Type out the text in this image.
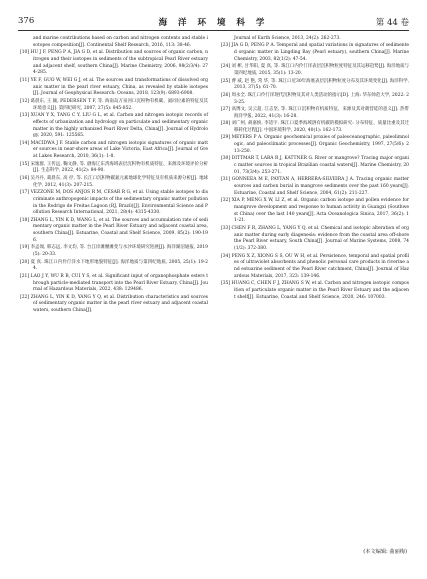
376	海 洋 环 境 科 学	第 44 卷

and marine contributions based on carbon and nitrogen contents and stable isotopes composition[J]. Continental Shelf Research, 2016, 113: 38-46.

[10] HU J F, PENG P A, JIA G D, et al. Distribution and sources of organic carbon, nitrogen and their isotopes in sediments of the subtropical Pearl River estuary and adjacent shelf, southern China[J]. Marine Chemistry, 2006, 98(2/3/4): 274-285.

[11] YE F, GUO W, WEI G J, et al. The sources and transformations of dissolved organic matter in the pearl river estuary, China, as revealed by stable isotopes[J]. Journal of Geophysical Research: Oceans, 2018, 123(9): 6893-6908.

[12] 葛晨东, 王 颖, PEDERSEN T F, 等. 海南岛万泉河口沉积物有机碳、氮同位素的特征及其环境意义[J]. 第四纪研究, 2007, 27(5): 845-852.

[13] XUAN Y X, TANG C Y, LIU G L, et al. Carbon and nitrogen isotopic records of effects of urbanization and hydrology on particulate and sedimentary organic matter in the highly urbanized Pearl River Delta, China[J]. Journal of Hydrology, 2020, 591: 125565.

[14] MACIDWA J F. Stable carbon and nitrogen isotopic signatures of organic matter sources in near-shore areas of Lake Victoria, East Africa[J]. Journal of Great Lakes Research, 2010, 36(1): 1-8.

[15] 宋逸群, 王传远, 鞠文静, 等. 渤海辽东湾海域表层沉积物有机质特征、来源及环境评价分析[J]. 生态科学, 2022, 41(2): 84-90.

[16] 吴丹丹, 葛晨东, 高 抒, 等. 长江口沉积物碳氮元素地球化学特征及有机质来源分析[J]. 地球化学, 2012, 41(3): 207-215.

[17] VEZZONE M, DOS ANJOS R M, CESAR R G, et al. Using stable isotopes to discriminate anthropogenic impacts of the sedimentary organic matter pollution in the Rodrigo de Freitas Lagoon (RJ, Brazil)[J]. Environmental Science and Pollution Research International, 2021, 28(4): 4315-4330.

[18] ZHANG L, YIN K D, WANG L, et al. The sources and accumulation rate of sedimentary organic matter in the Pearl River Estuary and adjacent coastal area, southern China[J]. Estuarine, Coastal and Shelf Science, 2009, 85(2): 190-196.

[19] 李孟闻, 韩志远, 李文均, 等. 台江岸滩腰滩变与水沙环境研究进展[J]. 海洋湖沼通报, 2019(5): 20-33.

[20] 夏 真. 珠江口内伶仃洋水下地形地貌特征[J]. 海洋地质与第四纪地质, 2005, 25(1): 19-24.

[21] LAO J Y, WU R B, CUI Y S, et al. Significant input of organophosphate esters through particle-mediated transport into the Pearl River Estuary, China[J]. Journal of Hazardous Materials, 2022, 438: 129486.

[22] ZHANG L, YIN K D, YANG Y Q, et al. Distribution characteristics and sources of sedimentary organic matter in the pearl river estuary and adjacent coastal waters, southern China[J].

Journal of Earth Science, 2013, 24(2): 262-273.

[23] JIA G D, PENG P A. Temporal and spatial variations in signatures of sedimented organic matter in Lingding Bay (Pearl estuary), southern China[J]. Marine Chemistry, 2003, 82(1/2): 47-54.

[24] 刘 彬, 甘华阳, 夏 真, 等. 珠江口内伶仃洋表层沉积物粒度特征及其运移趋势[J]. 海洋地质与第四纪地质, 2015, 35(1): 13-20.

[25] 曹 威, 赵 艳, 常 华, 等. 珠江口近30年海底表层沉积物粒度分布及其环境变化[J]. 海洋科学, 2013, 37(5): 61-70.

[26] 周永全. 珠江口伶仃洋现代沉积物及其对人类活动的指示[D]. 上海: 华东师范大学, 2022: 23-25.

[27] 高博文, 吴云超, 江志坚, 等. 珠江口沉积物有机质特征、来源及其对葳营硅的意义[J]. 热带海洋学报, 2022, 41(3): 16-28.

[28] 刘广州, 胡嘉槟, 李适宇. 珠江口夏季海域溶有机碳的模拟研究: 分布特征、质量比重及其迁移转化过程[J]. 中国环境科学, 2020, 40(1): 162-173.

[29] MEYERS P A. Organic geochemical proxies of paleoceanographic, paleolimnologic, and paleoclimatic processes[J]. Organic Geochemistry, 1997, 27(5/6): 213-250.

[30] DITTMAR T, LARA R J, KATTNER G. River or mangrove? Tracing major organic matter sources in tropical Brazilian coastal waters[J]. Marine Chemistry, 2001, 73(3/4): 253-271.

[31] GONNEEA M E, PAYTAN A, HERRERA-SILVEIRA J A. Tracing organic matter sources and carbon burial in mangrove sediments over the past 160 years[J]. Estuarine, Coastal and Shelf Science, 2004, 61(2): 211-227.

[32] XIA P, MENG X W, LI Z, et al. Organic carbon isotope and pollen evidence for mangrove development and response to human activity in Guangxi (Southwest China) over the last 140 years[J]. Acta Oceanologica Sinica, 2017, 36(2): 11-21.

[33] CHEN F R, ZHANG L, YANG Y Q, et al. Chemical and isotopic alteration of organic matter during early diagenesis: evidence from the coastal area off-shore the Pearl River estuary, South China[J]. Journal of Marine Systems, 2008, 74(1/2): 372-380.

[34] PENG X Z, XIONG S S, OU W H, et al. Persistence, temporal and spatial profiles of ultraviolet absorbents and phenolic personal care products in riverine and estuarine sediment of the Pearl River catchment, China[J]. Journal of Hazardous Materials, 2017, 323: 139-146.

[35] HUANG C, CHEN F J, ZHANG S W, et al. Carbon and nitrogen isotopic composition of particulate organic matter in the Pearl River Estuary and the adjacent shelf[J]. Estuarine, Coastal and Shelf Science, 2020, 246: 107003.

(本文编辑: 曲丽梅)
